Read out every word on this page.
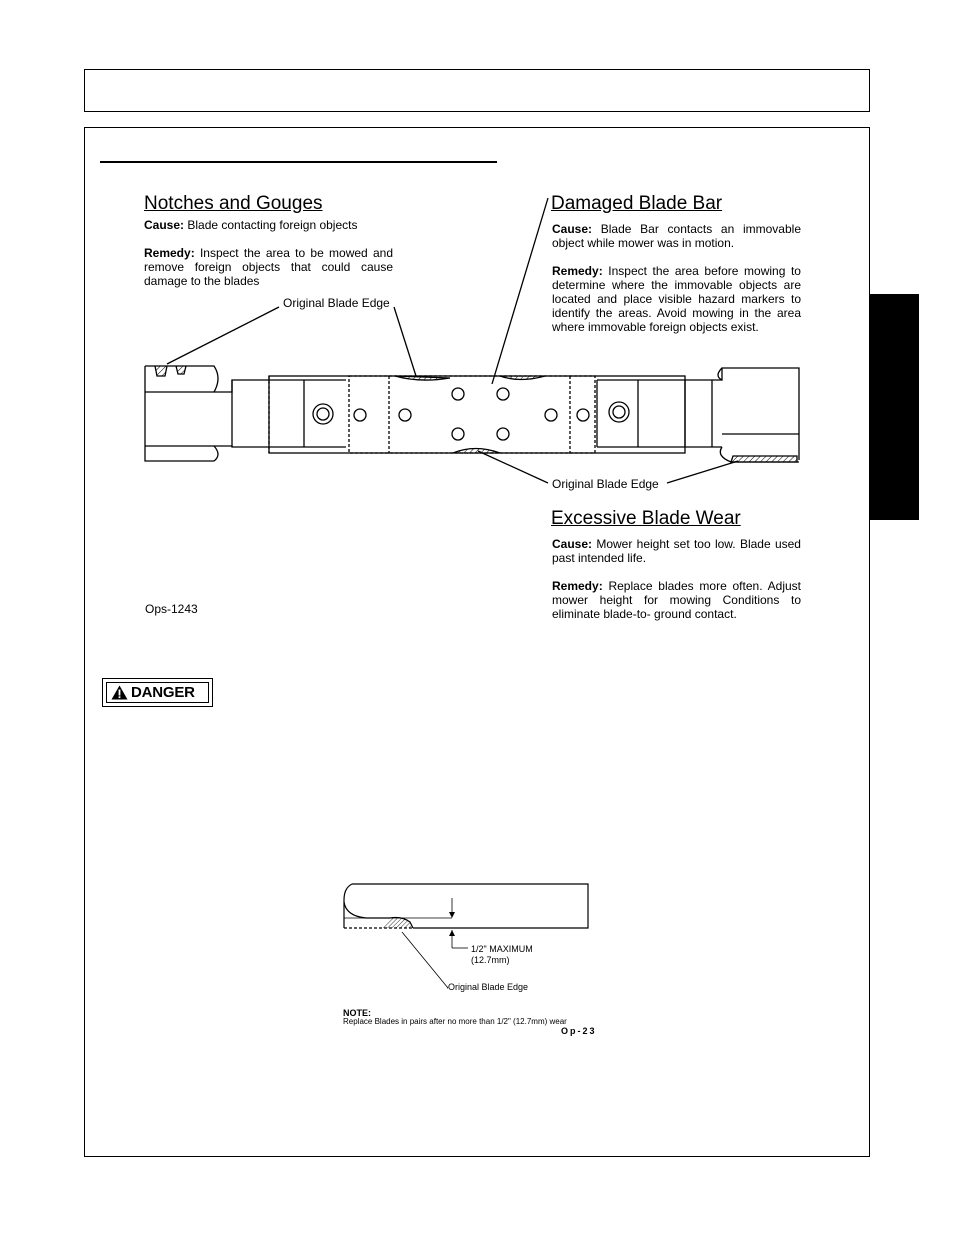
Notches and Gouges
Cause: Blade contacting foreign objects
Remedy: Inspect the area to be mowed and remove foreign objects that could cause damage to the blades
Damaged Blade Bar
Cause: Blade Bar contacts an immovable object while mower was in motion.
Remedy: Inspect the area before mowing to determine where the immovable objects are located and place visible hazard markers to identify the areas. Avoid mowing in the area where immovable foreign objects exist.
Original Blade Edge
Original Blade Edge
Excessive Blade Wear
Cause: Mower height set too low. Blade used past intended life.
Remedy: Replace blades more often. Adjust mower height for mowing Conditions to eliminate blade-to- ground contact.
Ops-1243
DANGER
1/2" MAXIMUM
(12.7mm)
Original Blade Edge
NOTE:
Replace Blades in pairs after no more than 1/2" (12.7mm) wear
Op-23
